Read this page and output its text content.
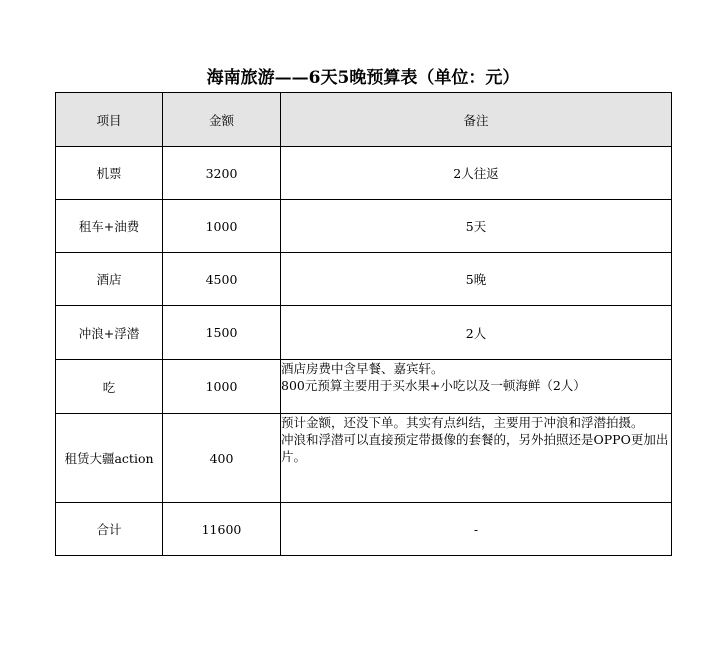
海南旅游——6天5晚预算表（单位：元）
项目	金额	备注
机票	3200	2人往返
租车+油费	1000	5天
酒店	4500	5晚
冲浪+浮潜	1500	2人
吃	1000	酒店房费中含早餐、嘉宾轩。
800元预算主要用于买水果+小吃以及一顿海鲜（2人）

租赁大疆action	400	预计金额，还没下单。其实有点纠结，主要用于冲浪和浮潜拍摄。
冲浪和浮潜可以直接预定带摄像的套餐的，另外拍照还是OPPO更加出片。

合计	11600	-
